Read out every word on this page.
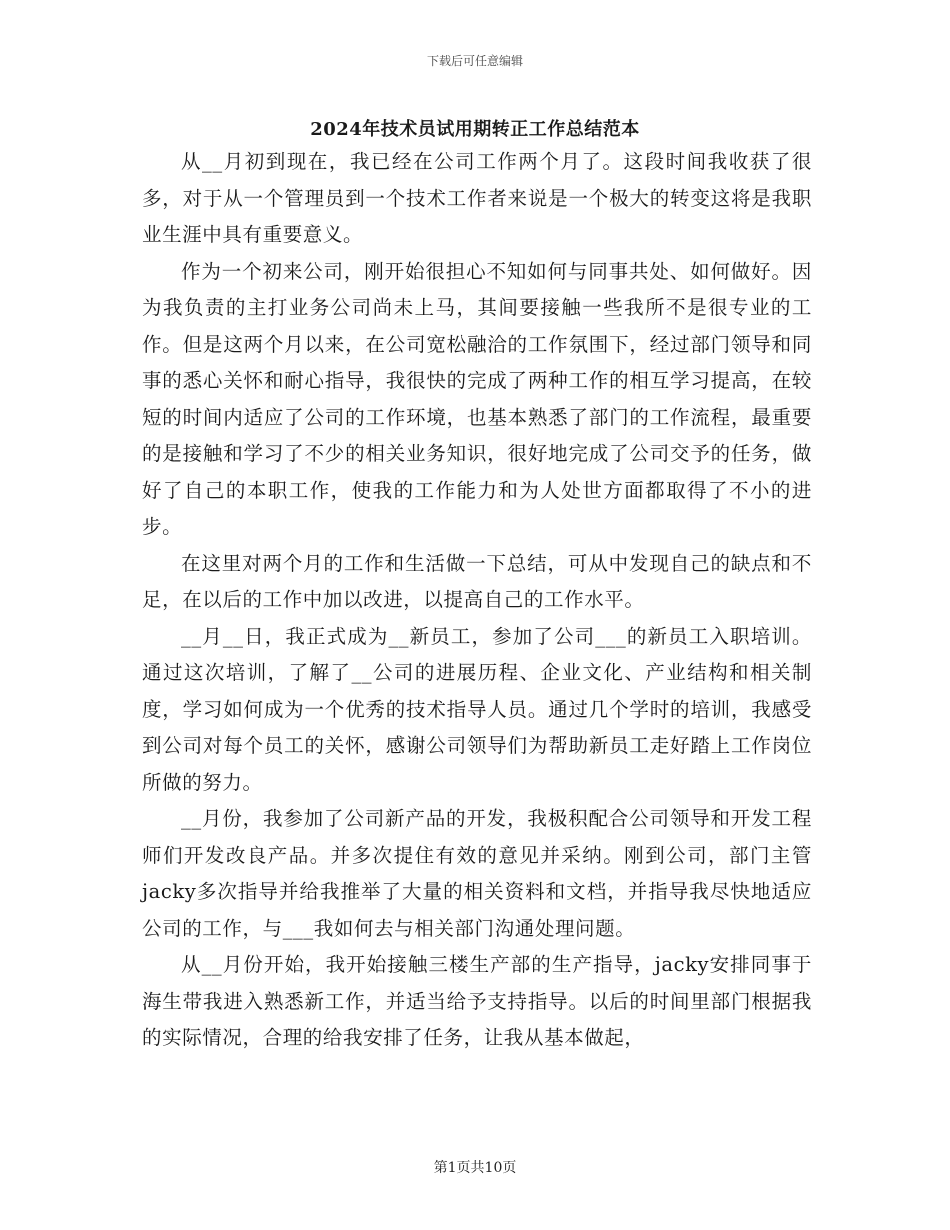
下载后可任意编辑
2024年技术员试用期转正工作总结范本

从__月初到现在，我已经在公司工作两个月了。这段时间我收获了很多，对于从一个管理员到一个技术工作者来说是一个极大的转变这将是我职业生涯中具有重要意义。

作为一个初来公司，刚开始很担心不知如何与同事共处、如何做好。因为我负责的主打业务公司尚未上马，其间要接触一些我所不是很专业的工作。但是这两个月以来，在公司宽松融洽的工作氛围下，经过部门领导和同事的悉心关怀和耐心指导，我很快的完成了两种工作的相互学习提高，在较短的时间内适应了公司的工作环境，也基本熟悉了部门的工作流程，最重要的是接触和学习了不少的相关业务知识，很好地完成了公司交予的任务，做好了自己的本职工作，使我的工作能力和为人处世方面都取得了不小的进步。

在这里对两个月的工作和生活做一下总结，可从中发现自己的缺点和不足，在以后的工作中加以改进，以提高自己的工作水平。

__月__日，我正式成为__新员工，参加了公司___的新员工入职培训。通过这次培训，了解了__公司的进展历程、企业文化、产业结构和相关制度，学习如何成为一个优秀的技术指导人员。通过几个学时的培训，我感受到公司对每个员工的关怀，感谢公司领导们为帮助新员工走好踏上工作岗位所做的努力。

__月份，我参加了公司新产品的开发，我极积配合公司领导和开发工程师们开发改良产品。并多次提住有效的意见并采纳。刚到公司，部门主管jacky多次指导并给我推举了大量的相关资料和文档，并指导我尽快地适应公司的工作，与___我如何去与相关部门沟通处理问题。

从__月份开始，我开始接触三楼生产部的生产指导，jacky安排同事于海生带我进入熟悉新工作，并适当给予支持指导。以后的时间里部门根据我的实际情况，合理的给我安排了任务，让我从基本做起，

第1页共10页
